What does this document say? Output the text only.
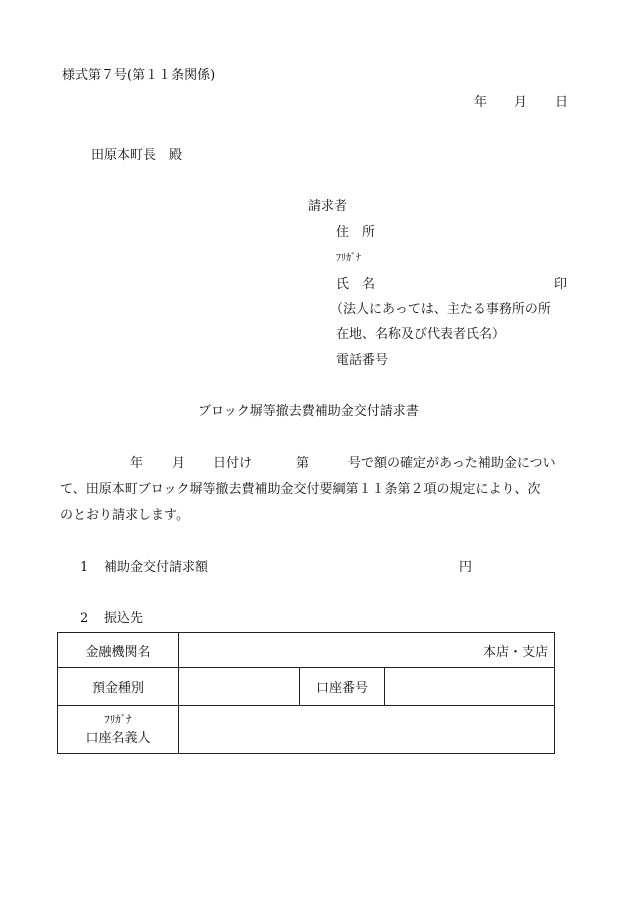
様式第７号(第１１条関係)
年 月 日
田原本町長　殿
請求者
住　所
ﾌﾘｶﾞﾅ
氏　名	印
（法人にあっては、主たる事務所の所
在地、名称及び代表者氏名）
電話番号
ブロック塀等撤去費補助金交付請求書
年 月 日付け	第	号で額の確定があった補助金につい
て、田原本町ブロック塀等撤去費補助金交付要綱第１１条第２項の規定により、次
のとおり請求します。
1 補助金交付請求額	円
2 振込先
金融機関名	本店・支店		
預金種別		口座番号	

ﾌﾘｶﾞﾅ
口座名義人			
